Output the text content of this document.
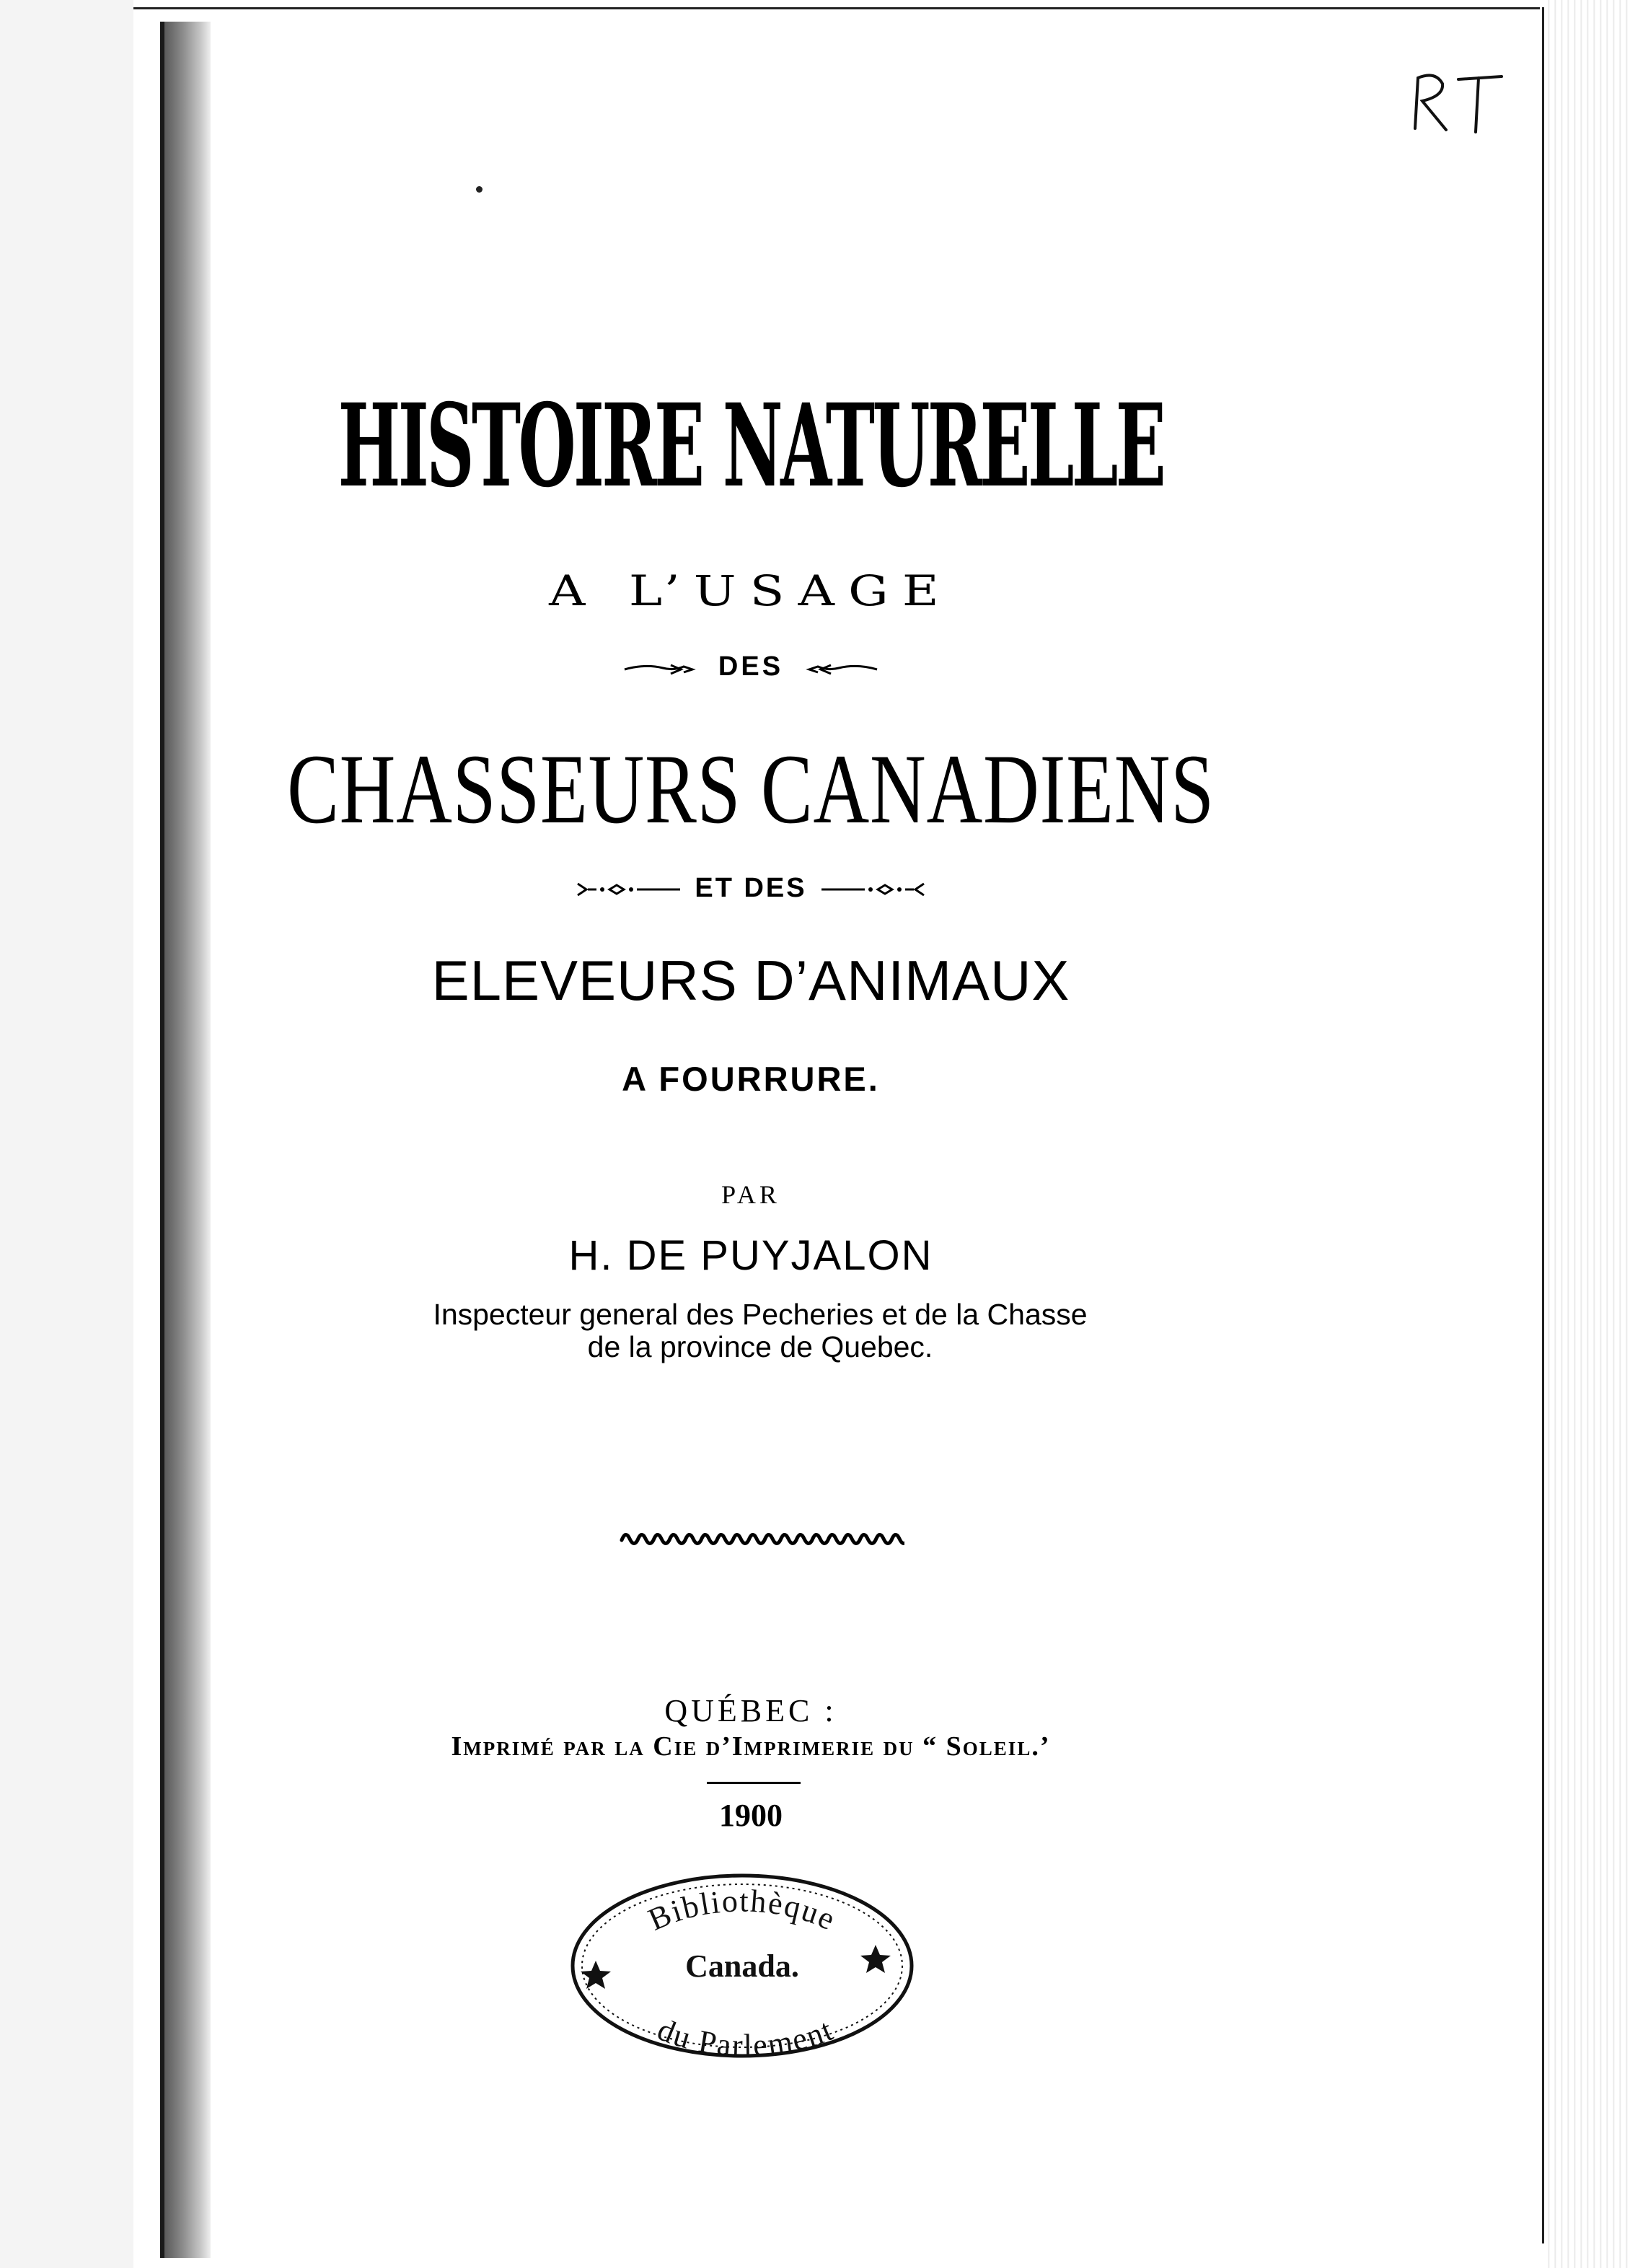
HISTOIRE NATURELLE
A L’USAGE
DES
CHASSEURS CANADIENS
ET DES
ELEVEURS D’ANIMAUX
A FOURRURE.
PAR
H. DE PUYJALON
Inspecteur general des Pecheries et de la Chasse
de la province de Quebec.
QUÉBEC :
Imprimé par la Cie d’Imprimerie du “ Soleil.’
1900
Bibliothèque
Canada.
du Parlement
